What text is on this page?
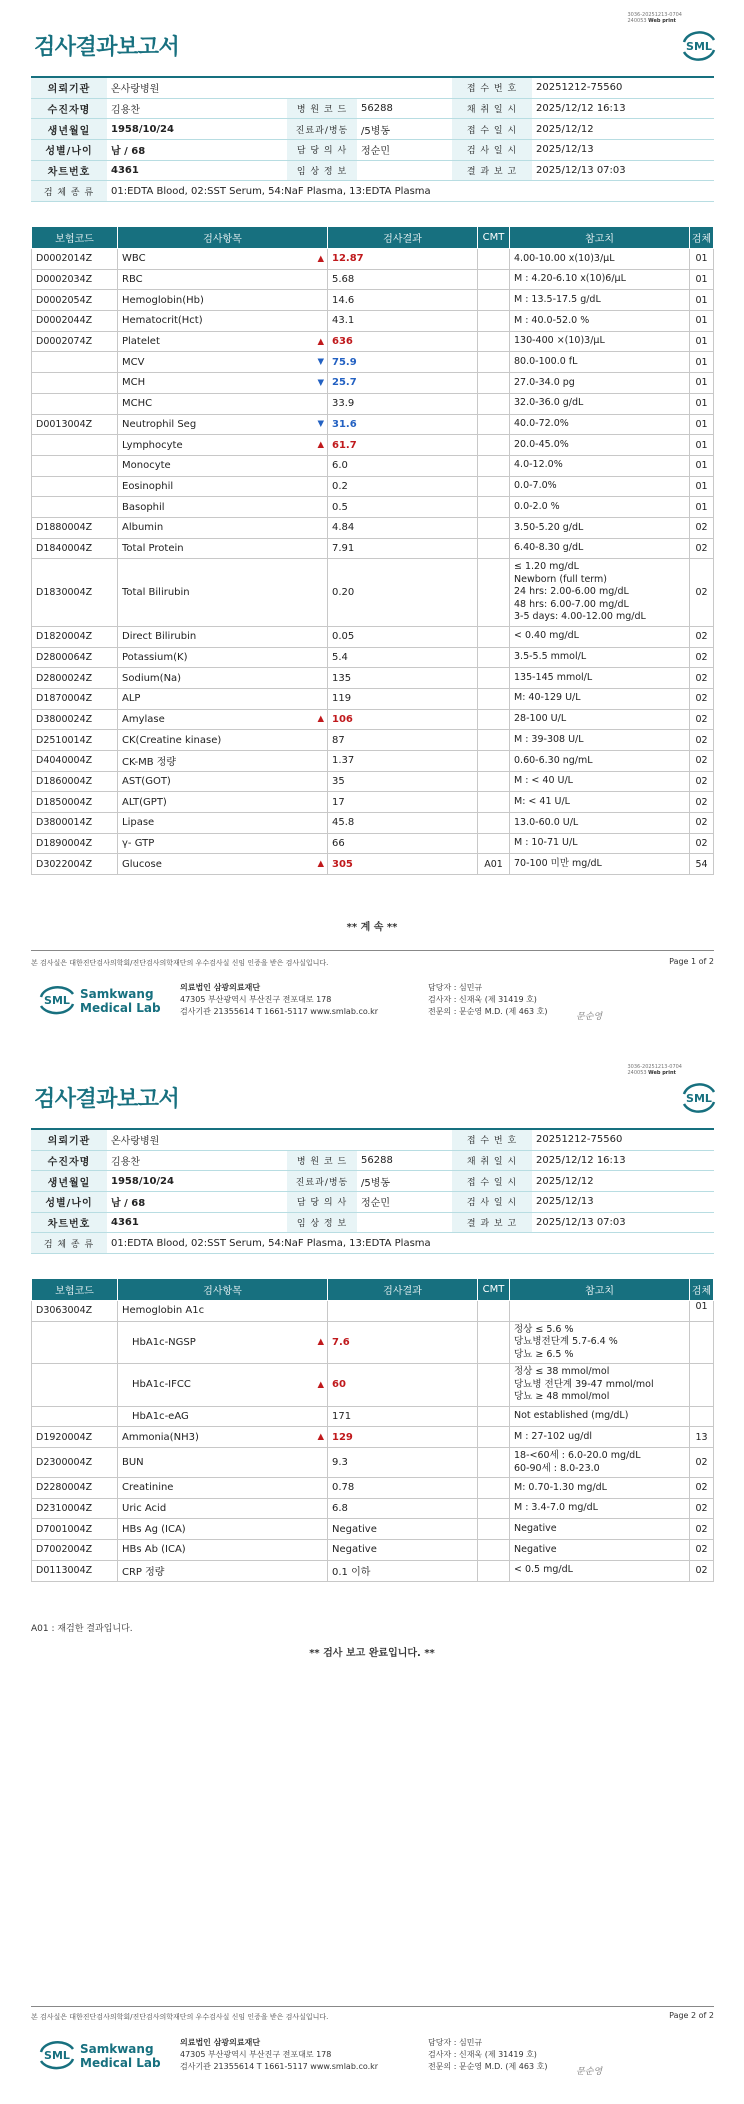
3036-20251213-0704
240053 Web print
검사결과보고서	SML
의뢰기관	온사랑병원			접 수 번 호	20251212-75560
수진자명	김용찬	병 원 코 드	56288	채 취 일 시	2025/12/12 16:13
생년월일	1958/10/24	진료과/병동	/5병동	접 수 일 시	2025/12/12
성별/나이	남 / 68	담 당 의 사	정순민	검 사 일 시	2025/12/13
차트번호	4361	임 상 정 보		결 과 보 고	2025/12/13 07:03
검 체 종 류	01:EDTA Blood, 02:SST Serum, 54:NaF Plasma, 13:EDTA Plasma				
보험코드	검사항목	검사결과	CMT	참고치	검체
D0002014Z	WBC ▲	12.87		4.00-10.00 x(10)3/μL	01
D0002034Z	RBC	5.68		M : 4.20-6.10 x(10)6/μL	01
D0002054Z	Hemoglobin(Hb)	14.6		M : 13.5-17.5 g/dL	01
D0002044Z	Hematocrit(Hct)	43.1		M : 40.0-52.0 %	01
D0002074Z	Platelet ▲	636		130-400 ×(10)3/μL	01
	MCV ▼	75.9		80.0-100.0 fL	01
	MCH ▼	25.7		27.0-34.0 pg	01
	MCHC	33.9		32.0-36.0 g/dL	01
D0013004Z	Neutrophil Seg ▼	31.6		40.0-72.0%	01
	Lymphocyte ▲	61.7		20.0-45.0%	01
	Monocyte	6.0		4.0-12.0%	01
	Eosinophil	0.2		0.0-7.0%	01
	Basophil	0.5		0.0-2.0 %	01
D1880004Z	Albumin	4.84		3.50-5.20 g/dL	02
D1840004Z	Total Protein	7.91		6.40-8.30 g/dL	02
D1830004Z	Total Bilirubin	0.20		≤ 1.20 mg/dL
Newborn (full term)
24 hrs: 2.00-6.00 mg/dL
48 hrs: 6.00-7.00 mg/dL
3-5 days: 4.00-12.00 mg/dL	02
D1820004Z	Direct Bilirubin	0.05		< 0.40 mg/dL	02
D2800064Z	Potassium(K)	5.4		3.5-5.5 mmol/L	02
D2800024Z	Sodium(Na)	135		135-145 mmol/L	02
D1870004Z	ALP	119		M: 40-129 U/L	02
D3800024Z	Amylase ▲	106		28-100 U/L	02
D2510014Z	CK(Creatine kinase)	87		M : 39-308 U/L	02
D4040004Z	CK-MB 정량	1.37		0.60-6.30 ng/mL	02
D1860004Z	AST(GOT)	35		M : < 40 U/L	02
D1850004Z	ALT(GPT)	17		M: < 41 U/L	02
D3800014Z	Lipase	45.8		13.0-60.0 U/L	02
D1890004Z	γ- GTP	66		M : 10-71 U/L	02
D3022004Z	Glucose ▲	305	A01	70-100 미만 mg/dL	54
** 계 속 **
본 검사실은 대한진단검사의학회/진단검사의학재단의 우수검사실 신임 인증을 받은 검사실입니다.	Page 1 of 2
SML Samkwang
Medical Lab
의료법인 삼광의료재단
47305 부산광역시 부산진구 전포대로 178
검사기관 21355614 T 1661-5117 www.smlab.co.kr
담당자 : 심민규
검사자 : 신재욱 (제 31419 호)
전문의 : 문순영 M.D. (제 463 호)
문순영
3036-20251213-0704
240053 Web print
검사결과보고서	SML
의뢰기관	온사랑병원			접 수 번 호	20251212-75560
수진자명	김용찬	병 원 코 드	56288	채 취 일 시	2025/12/12 16:13
생년월일	1958/10/24	진료과/병동	/5병동	접 수 일 시	2025/12/12
성별/나이	남 / 68	담 당 의 사	정순민	검 사 일 시	2025/12/13
차트번호	4361	임 상 정 보		결 과 보 고	2025/12/13 07:03
검 체 종 류	01:EDTA Blood, 02:SST Serum, 54:NaF Plasma, 13:EDTA Plasma				
보험코드	검사항목	검사결과	CMT	참고치	검체
D3063004Z	Hemoglobin A1c				01
	HbA1c-NGSP ▲	7.6		정상 ≤ 5.6 %
당뇨병전단계 5.7-6.4 %
당뇨 ≥ 6.5 %	
	HbA1c-IFCC ▲	60		정상 ≤ 38 mmol/mol
당뇨병 전단계 39-47 mmol/mol
당뇨 ≥ 48 mmol/mol	
	HbA1c-eAG	171		Not established (mg/dL)	
D1920004Z	Ammonia(NH3) ▲	129		M : 27-102 ug/dl	13
D2300004Z	BUN	9.3		18-<60세 : 6.0-20.0 mg/dL
60-90세 : 8.0-23.0	02
D2280004Z	Creatinine	0.78		M: 0.70-1.30 mg/dL	02
D2310004Z	Uric Acid	6.8		M : 3.4-7.0 mg/dL	02
D7001004Z	HBs Ag (ICA)	Negative		Negative	02
D7002004Z	HBs Ab (ICA)	Negative		Negative	02
D0113004Z	CRP 정량	0.1 이하		< 0.5 mg/dL	02
A01 : 재검한 결과입니다.
** 검사 보고 완료입니다. **
본 검사실은 대한진단검사의학회/진단검사의학재단의 우수검사실 신임 인증을 받은 검사실입니다.	Page 2 of 2
SML Samkwang
Medical Lab
의료법인 삼광의료재단
47305 부산광역시 부산진구 전포대로 178
검사기관 21355614 T 1661-5117 www.smlab.co.kr
담당자 : 심민규
검사자 : 신재욱 (제 31419 호)
전문의 : 문순영 M.D. (제 463 호)
문순영
